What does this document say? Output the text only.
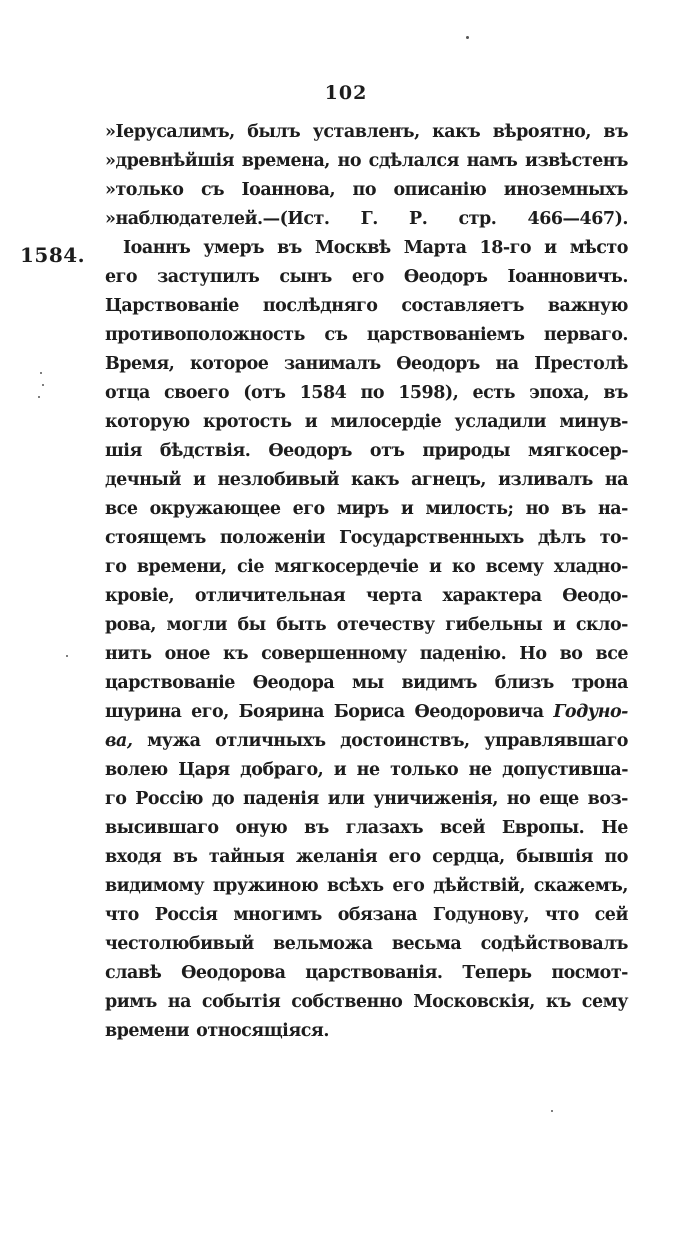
102
1584.
»Іерусалимъ, былъ уставленъ, какъ вѣроятно, въ
»древнѣйшія времена, но сдѣлался намъ извѣстенъ
»только съ Іоаннова, по описанію иноземныхъ
»наблюдателей.—(Ист. Г. Р. стр. 466—467).
Іоаннъ умеръ въ Москвѣ Марта 18-го и мѣсто
его заступилъ сынъ его Ѳеодоръ Іоанновичъ.
Царствованіе послѣдняго составляетъ важную
противоположность съ царствованіемъ перваго.
Время, которое занималъ Ѳеодоръ на Престолѣ
отца своего (отъ 1584 по 1598), есть эпоха, въ
которую кротость и милосердіе усладили минув-
шія бѣдствія. Ѳеодоръ отъ природы мягкосер-
дечный и незлобивый какъ агнецъ, изливалъ на
все окружающее его миръ и милость; но въ на-
стоящемъ положеніи Государственныхъ дѣлъ то-
го времени, сіе мягкосердечіе и ко всему хладно-
кровіе, отличительная черта характера Ѳеодо-
рова, могли бы быть отечеству гибельны и скло-
нить оное къ совершенному паденію. Но во все
царствованіе Ѳеодора мы видимъ близъ трона
шурина его, Боярина Бориса Ѳеодоровича Годуно-
ва, мужа отличныхъ достоинствъ, управлявшаго
волею Царя добраго, и не только не допустивша-
го Россію до паденія или уничиженія, но еще воз-
высившаго оную въ глазахъ всей Европы. Не
входя въ тайныя желанія его сердца, бывшія по
видимому пружиною всѣхъ его дѣйствій, скажемъ,
что Россія многимъ обязана Годунову, что сей
честолюбивый вельможа весьма содѣйствовалъ
славѣ Ѳеодорова царствованія. Теперь посмот-
римъ на событія собственно Московскія, къ сему
времени относящіяся.
